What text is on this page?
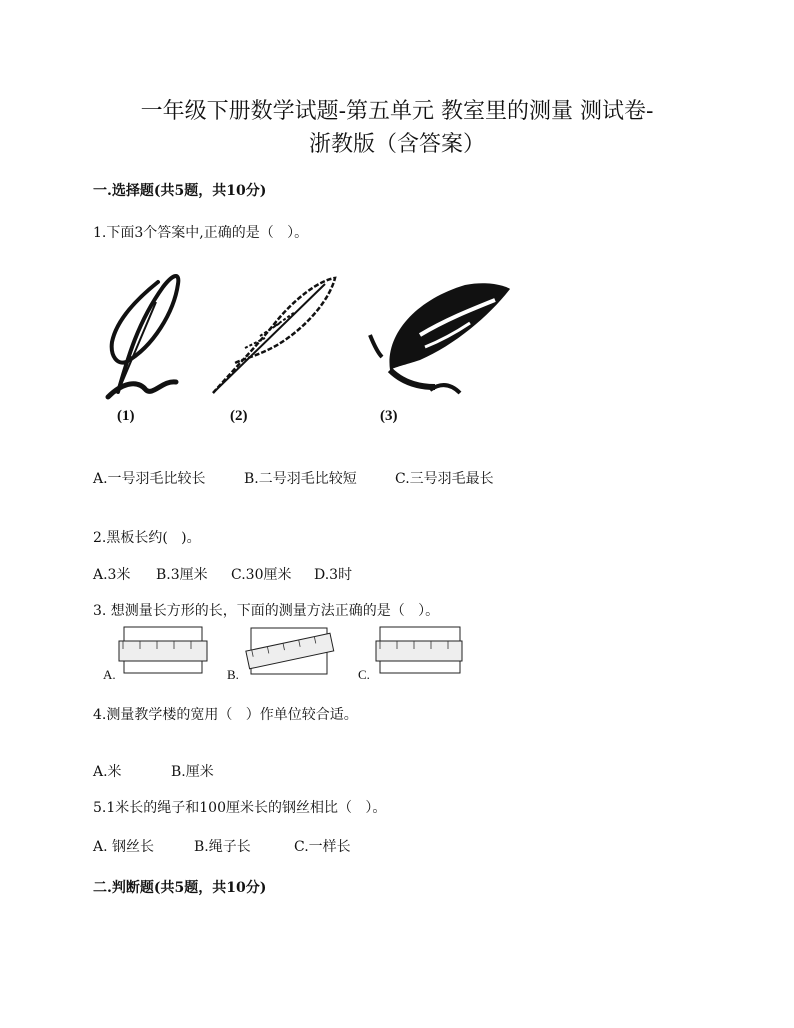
一年级下册数学试题-第五单元 教室里的测量 测试卷-
浙教版（含答案）
一.选择题(共5题，共10分)
1.下面3个答案中,正确的是（   ）。
(1)	(2)	(3)
A.一号羽毛比较长	B.二号羽毛比较短	C.三号羽毛最长
2.黑板长约(   )。
A.3米 B.3厘米 C.30厘米 D.3时
3. 想测量长方形的长，下面的测量方法正确的是（   ）。
A.	B.	C.
4.测量教学楼的宽用（   ）作单位较合适。
A.米	B.厘米
5.1米长的绳子和100厘米长的钢丝相比（   ）。
A. 钢丝长	B.绳子长	C.一样长
二.判断题(共5题，共10分)
